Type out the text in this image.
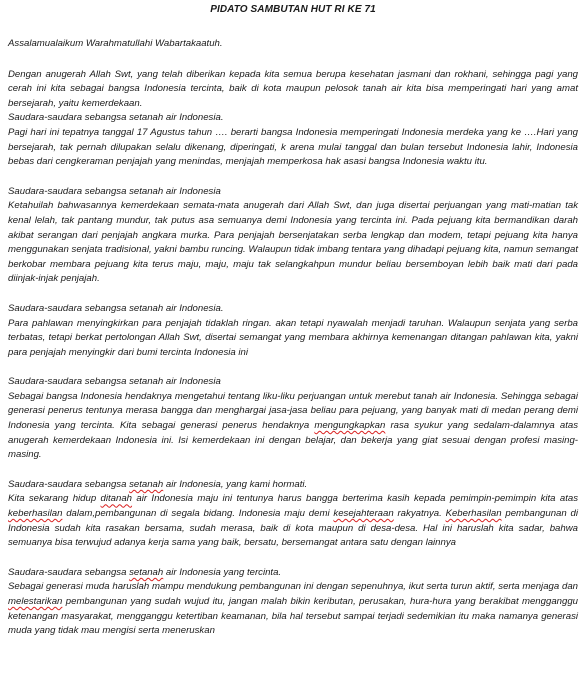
PIDATO SAMBUTAN HUT RI KE 71

Assalamualaikum Warahmatullahi Wabartakaatuh.

Dengan anugerah Allah Swt, yang telah diberikan kepada kita semua berupa kesehatan jasmani dan rokhani, sehingga pagi yang cerah ini kita sebagai bangsa Indonesia tercinta, baik di kota maupun pelosok tanah air kita bisa memperingati hari yang amat bersejarah, yaitu kemerdekaan.

Saudara-saudara sebangsa setanah air Indonesia.
Pagi hari ini tepatnya tanggal 17 Agustus tahun …. berarti bangsa Indonesia memperingati Indonesia merdeka yang ke ….Hari yang bersejarah, tak pernah dilupakan selalu dikenang, diperingati, k arena mulai tanggal dan bulan tersebut Indonesia lahir, Indonesia bebas dari cengkeraman penjajah yang menindas, menjajah memperkosa hak asasi bangsa Indonesia waktu itu.
Saudara-saudara sebangsa setanah air Indonesia
Ketahuilah bahwasannya kemerdekaan semata-mata anugerah dari Allah Swt, dan juga disertai perjuangan yang mati-matian tak kenal lelah, tak pantang mundur, tak putus asa semuanya demi Indonesia yang tercinta ini. Pada pejuang kita bermandikan darah akibat serangan dari penjajah angkara murka. Para penjajah bersenjatakan serba lengkap dan modem, tetapi pejuang kita hanya menggunakan senjata tradisional, yakni bambu runcing. Walaupun tidak imbang tentara yang dihadapi pejuang kita, namun semangat berkobar membara pejuang kita terus maju, maju, maju tak selangkahpun mundur beliau bersemboyan lebih baik mati dari pada diinjak-injak penjajah.
Saudara-saudara sebangsa setanah air Indonesia.
Para pahlawan menyingkirkan para penjajah tidaklah ringan. akan tetapi nyawalah menjadi taruhan. Walaupun senjata yang serba terbatas, tetapi berkat pertolongan Allah Swt, disertai semangat yang membara akhirnya kemenangan ditangan pahlawan kita, yakni para penjajah menyingkir dari bumi tercinta Indonesia ini
Saudara-saudara sebangsa setanah air Indonesia
Sebagai bangsa Indonesia hendaknya mengetahui tentang liku-liku perjuangan untuk merebut tanah air Indonesia. Sehingga sebagai generasi penerus tentunya merasa bangga dan menghargai jasa-jasa beliau para pejuang, yang banyak mati di medan perang demi Indonesia yang tercinta. Kita sebagai generasi penerus hendaknya mengungkapkan rasa syukur yang sedalam-dalamnya atas anugerah kemerdekaan Indonesia ini. Isi kemerdekaan ini dengan belajar, dan bekerja yang giat sesuai dengan profesi masing-masing.
Saudara-saudara sebangsa setanah air Indonesia, yang kami hormati.
Kita sekarang hidup ditanah air Indonesia maju ini tentunya harus bangga berterima kasih kepada pemimpin-pemimpin kita atas keberhasilan dalam,pembangunan di segala bidang. Indonesia maju demi kesejahteraan rakyatnya. Keberhasilan pembangunan di Indonesia sudah kita rasakan bersama, sudah merasa, baik di kota maupun di desa-desa. Hal ini haruslah kita sadar, bahwa semuanya bisa terwujud adanya kerja sama yang baik, bersatu, bersemangat antara satu dengan lainnya
Saudara-saudara sebangsa setanah air Indonesia yang tercinta.
Sebagai generasi muda haruslah mampu mendukung pembangunan ini dengan sepenuhnya, ikut serta turun aktif, serta menjaga dan melestarikan pembangunan yang sudah wujud itu, jangan malah bikin keributan, perusakan, hura-hura yang berakibat mengganggu ketenangan masyarakat, mengganggu ketertiban keamanan, bila hal tersebut sampai terjadi sedemikian itu maka namanya generasi muda yang tidak mau mengisi serta meneruskan
